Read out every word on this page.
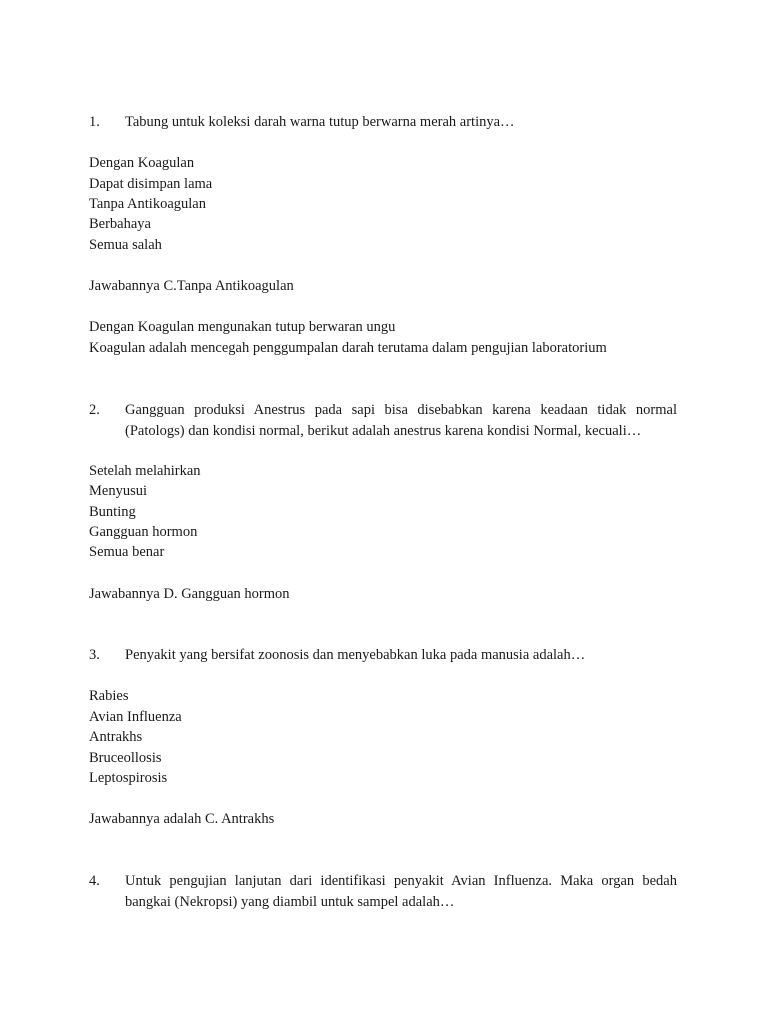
1. Tabung untuk koleksi darah warna tutup berwarna merah artinya…
Dengan Koagulan
Dapat disimpan lama
Tanpa Antikoagulan
Berbahaya
Semua salah
Jawabannya C.Tanpa Antikoagulan
Dengan Koagulan mengunakan tutup berwaran ungu
Koagulan adalah mencegah penggumpalan darah terutama dalam pengujian laboratorium
2. Gangguan produksi Anestrus pada sapi bisa disebabkan karena keadaan tidak normal (Patologs) dan kondisi normal, berikut adalah anestrus karena kondisi Normal, kecuali…
Setelah melahirkan
Menyusui
Bunting
Gangguan hormon
Semua benar
Jawabannya D. Gangguan hormon
3. Penyakit yang bersifat zoonosis dan menyebabkan luka pada manusia adalah…
Rabies
Avian Influenza
Antrakhs
Bruceollosis
Leptospirosis
Jawabannya adalah C. Antrakhs
4. Untuk pengujian lanjutan dari identifikasi penyakit Avian Influenza. Maka organ bedah bangkai (Nekropsi) yang diambil untuk sampel adalah…
